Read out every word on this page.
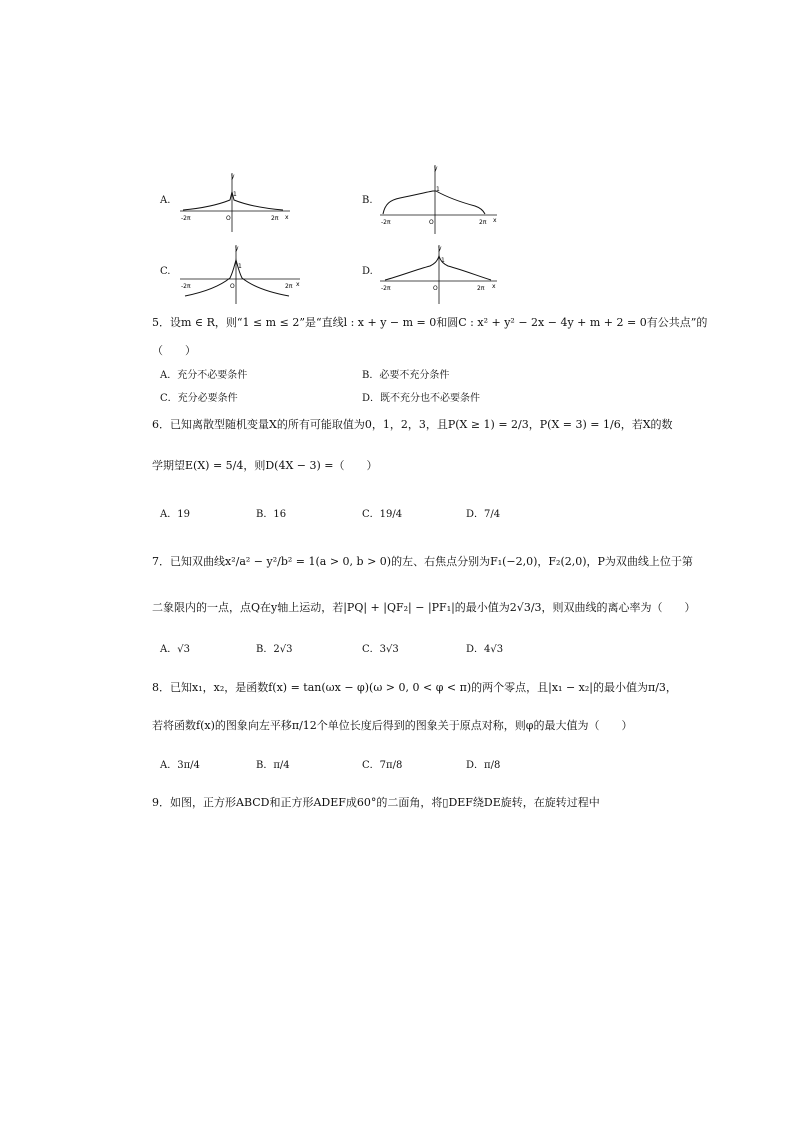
A.
y
1
O
-2π	2π x
B.
y
1
O
-2π	2π x
C.
y
1
O
-2π	2π x
D.
y
1
O
-2π	2π x
5．设m ∈ R，则“1 ≤ m ≤ 2”是“直线l : x + y − m = 0和圆C : x² + y² − 2x − 4y + m + 2 = 0有公共点”的
（　　）
A．充分不必要条件	B．必要不充分条件
C．充分必要条件	D．既不充分也不必要条件
6．已知离散型随机变量X的所有可能取值为0，1，2，3，且P(X ≥ 1) = 2/3，P(X = 3) = 1/6，若X的数
学期望E(X) = 5/4，则D(4X − 3) =（　　）
A．19	B．16	C．19/4	D．7/4
7．已知双曲线x²/a² − y²/b² = 1(a > 0, b > 0)的左、右焦点分别为F₁(−2,0)，F₂(2,0)，P为双曲线上位于第
二象限内的一点，点Q在y轴上运动，若|PQ| + |QF₂| − |PF₁|的最小值为2√3/3，则双曲线的离心率为（　　）
A．√3	B．2√3	C．3√3	D．4√3
8．已知x₁，x₂，是函数f(x) = tan(ωx − φ)(ω > 0, 0 < φ < π)的两个零点，且|x₁ − x₂|的最小值为π/3，
若将函数f(x)的图象向左平移π/12个单位长度后得到的图象关于原点对称，则φ的最大值为（　　）
A．3π/4	B．π/4	C．7π/8	D．π/8
9．如图，正方形ABCD和正方形ADEF成60°的二面角，将▯DEF绕DE旋转，在旋转过程中
